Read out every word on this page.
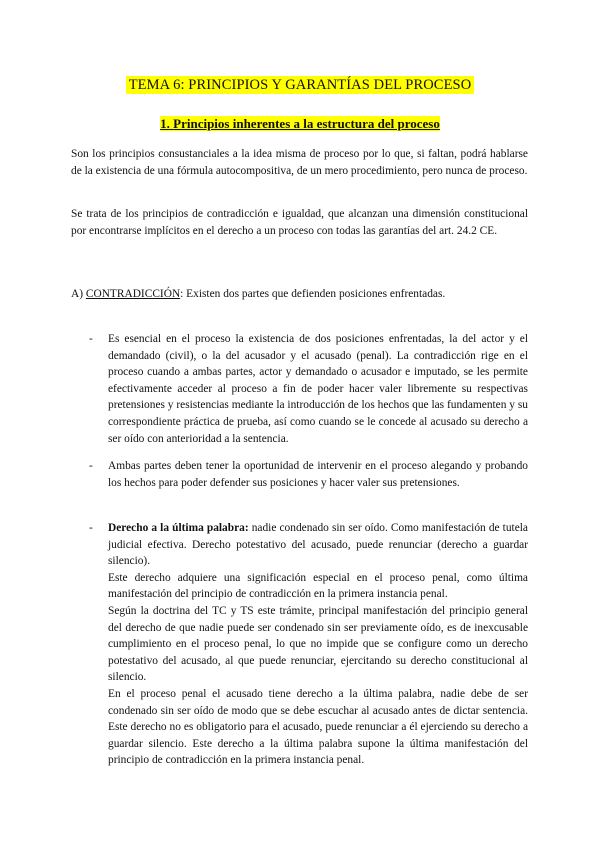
TEMA 6: PRINCIPIOS Y GARANTÍAS DEL PROCESO
1. Principios inherentes a la estructura del proceso

Son los principios consustanciales a la idea misma de proceso por lo que, si faltan, podrá hablarse de la existencia de una fórmula autocompositiva, de un mero procedimiento, pero nunca de proceso.

Se trata de los principios de contradicción e igualdad, que alcanzan una dimensión constitucional por encontrarse implícitos en el derecho a un proceso con todas las garantías del art. 24.2 CE.

A) CONTRADICCIÓN: Existen dos partes que defienden posiciones enfrentadas.
- Es esencial en el proceso la existencia de dos posiciones enfrentadas, la del actor y el demandado (civil), o la del acusador y el acusado (penal). La contradicción rige en el proceso cuando a ambas partes, actor y demandado o acusador e imputado, se les permite efectivamente acceder al proceso a fin de poder hacer valer libremente su respectivas pretensiones y resistencias mediante la introducción de los hechos que las fundamenten y su correspondiente práctica de prueba, así como cuando se le concede al acusado su derecho a ser oído con anterioridad a la sentencia.

- Ambas partes deben tener la oportunidad de intervenir en el proceso alegando y probando los hechos para poder defender sus posiciones y hacer valer sus pretensiones.

- Derecho a la última palabra: nadie condenado sin ser oído. Como manifestación de tutela judicial efectiva. Derecho potestativo del acusado, puede renunciar (derecho a guardar silencio).

Este derecho adquiere una significación especial en el proceso penal, como última manifestación del principio de contradicción en la primera instancia penal.

Según la doctrina del TC y TS este trámite, principal manifestación del principio general del derecho de que nadie puede ser condenado sin ser previamente oído, es de inexcusable cumplimiento en el proceso penal, lo que no impide que se configure como un derecho potestativo del acusado, al que puede renunciar, ejercitando su derecho constitucional al silencio.

En el proceso penal el acusado tiene derecho a la última palabra, nadie debe de ser condenado sin ser oído de modo que se debe escuchar al acusado antes de dictar sentencia. Este derecho no es obligatorio para el acusado, puede renunciar a él ejerciendo su derecho a guardar silencio. Este derecho a la última palabra supone la última manifestación del principio de contradicción en la primera instancia penal.
